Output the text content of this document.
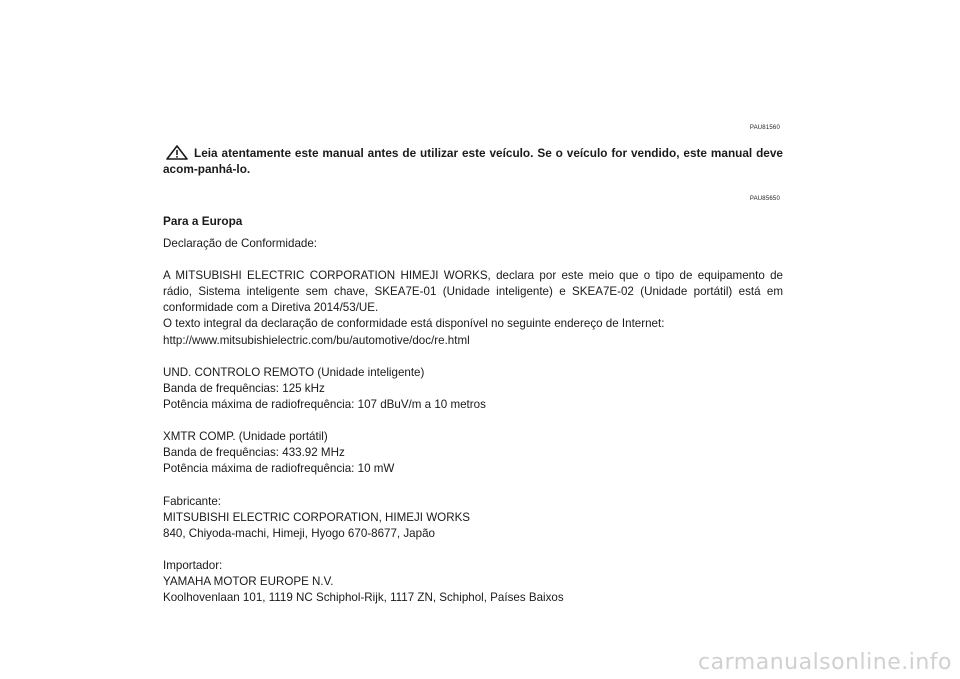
PAU81560
Leia atentamente este manual antes de utilizar este veículo. Se o veículo for vendido, este manual deve acom-panhá-lo.
PAU85650
Para a Europa

Declaração de Conformidade:

A MITSUBISHI ELECTRIC CORPORATION HIMEJI WORKS, declara por este meio que o tipo de equipamento de rádio, Sistema inteligente sem chave, SKEA7E-01 (Unidade inteligente) e SKEA7E-02 (Unidade portátil) está em conformidade com a Diretiva 2014/53/UE.

O texto integral da declaração de conformidade está disponível no seguinte endereço de Internet:

http://www.mitsubishielectric.com/bu/automotive/doc/re.html

UND. CONTROLO REMOTO (Unidade inteligente)

Banda de frequências: 125 kHz

Potência máxima de radiofrequência: 107 dBuV/m a 10 metros

XMTR COMP. (Unidade portátil)

Banda de frequências: 433.92 MHz

Potência máxima de radiofrequência: 10 mW

Fabricante:

MITSUBISHI ELECTRIC CORPORATION, HIMEJI WORKS

840, Chiyoda-machi, Himeji, Hyogo 670-8677, Japão

Importador:

YAMAHA MOTOR EUROPE N.V.

Koolhovenlaan 101, 1119 NC Schiphol-Rijk, 1117 ZN, Schiphol, Países Baixos

carmanualsonline.info
